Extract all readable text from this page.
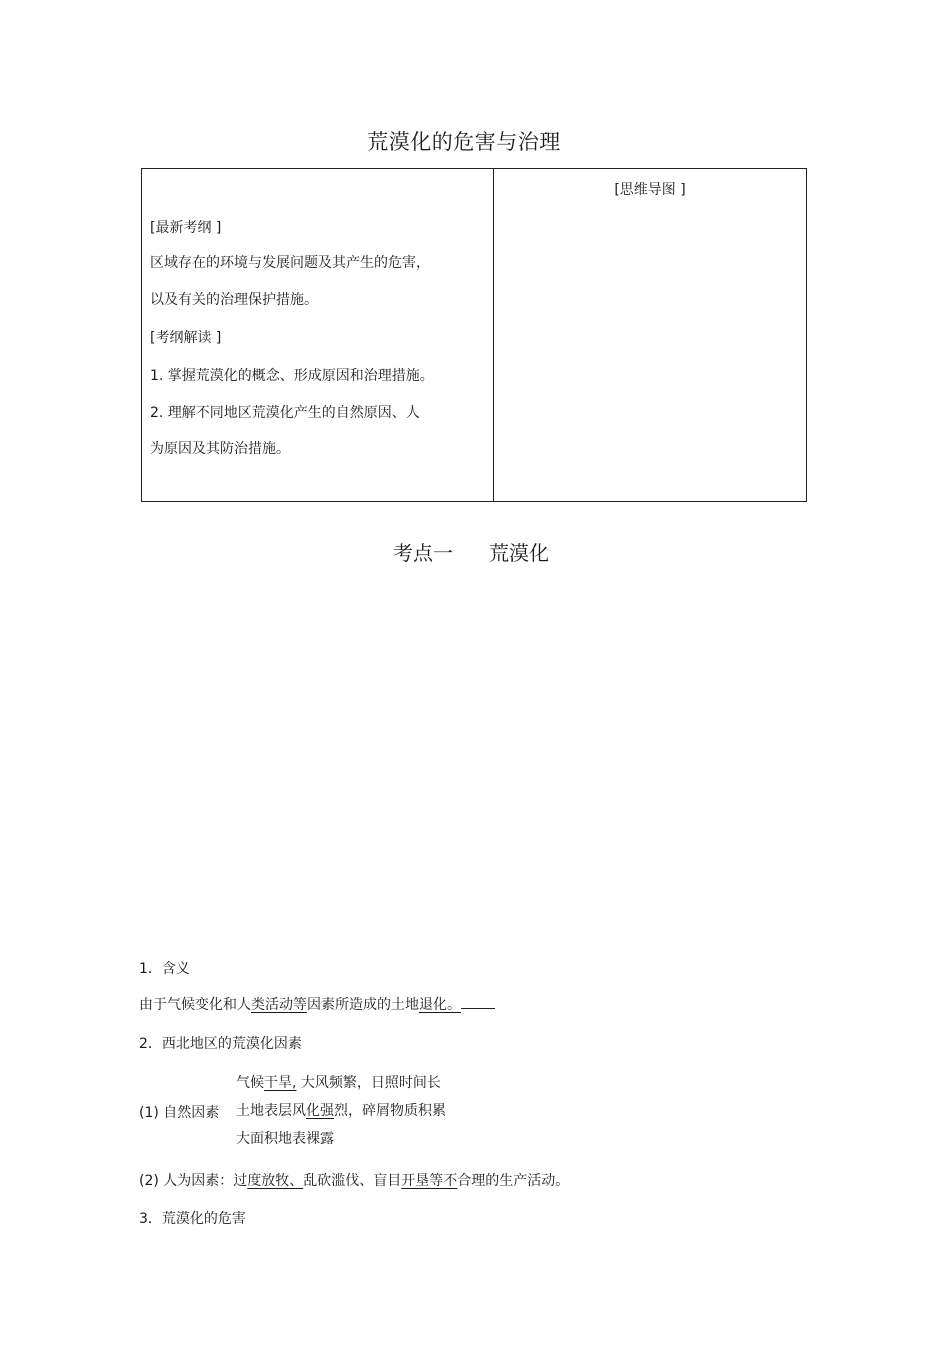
荒漠化的危害与治理
[最新考纲 ]
区域存在的环境与发展问题及其产生的危害，
以及有关的治理保护措施。
[考纲解读 ]
1. 掌握荒漠化的概念、形成原因和治理措施。
2. 理解不同地区荒漠化产生的自然原因、人
为原因及其防治措施。
[思维导图 ]
考点一 荒漠化
1．含义
由于气候变化和人类活动等因素所造成的土地退化。
2．西北地区的荒漠化因素
气候干旱, 大风频繁，日照时间长
(1) 自然因素 土地表层风化强烈，碎屑物质积累
大面积地表裸露
(2) 人为因素：过度放牧、乱砍滥伐、盲目开垦等不合理的生产活动。
3．荒漠化的危害
